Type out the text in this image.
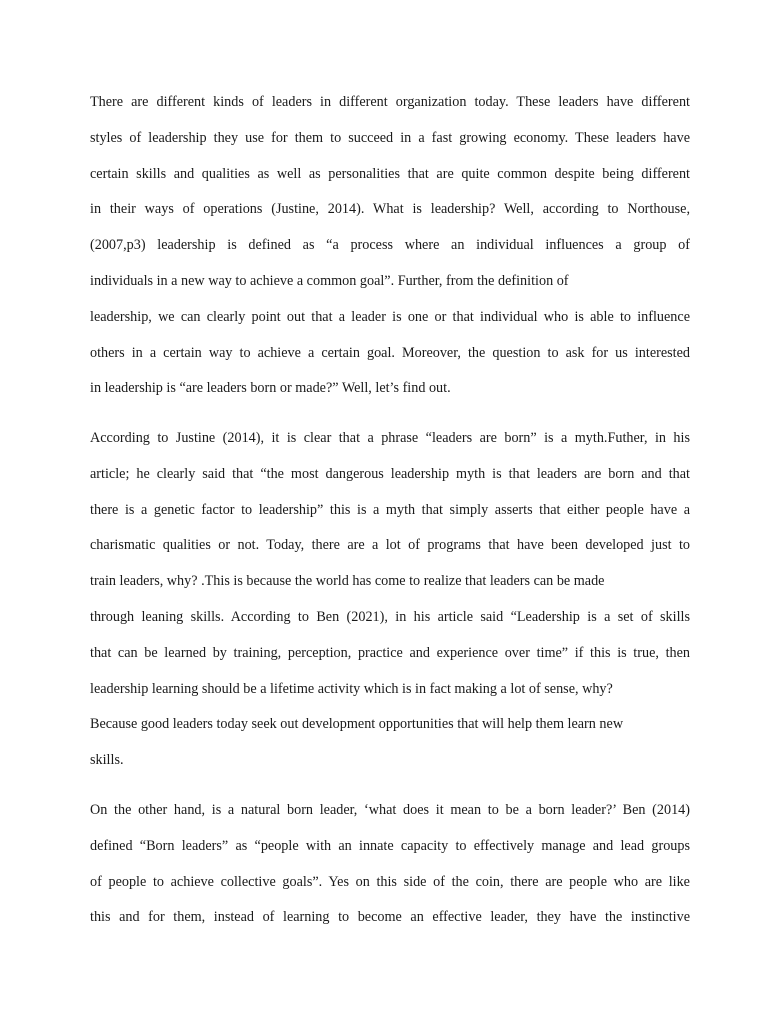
There are different kinds of leaders in different organization today. These leaders have different
styles of leadership they use for them to succeed in a fast growing economy. These leaders have
certain skills and qualities as well as personalities that are quite common despite being different
in their ways of operations (Justine, 2014). What is leadership? Well, according to Northouse,
(2007,p3) leadership is defined as “a process where an individual influences a group of
individuals in a new way to achieve a common goal”. Further, from the definition of
leadership, we can clearly point out that a leader is one or that individual who is able to influence
others in a certain way to achieve a certain goal. Moreover, the question to ask for us interested
in leadership is “are leaders born or made?” Well, let’s find out.
According to Justine (2014), it is clear that a phrase “leaders are born” is a myth.Futher, in his
article; he clearly said that “the most dangerous leadership myth is that leaders are born and that
there is a genetic factor to leadership” this is a myth that simply asserts that either people have a
charismatic qualities or not. Today, there are a lot of programs that have been developed just to
train leaders, why? .This is because the world has come to realize that leaders can be made
through leaning skills. According to Ben (2021), in his article said “Leadership is a set of skills
that can be learned by training, perception, practice and experience over time” if this is true, then
leadership learning should be a lifetime activity which is in fact making a lot of sense, why?
Because good leaders today seek out development opportunities that will help them learn new
skills.
On the other hand, is a natural born leader, ‘what does it mean to be a born leader?’ Ben (2014)
defined “Born leaders” as “people with an innate capacity to effectively manage and lead groups
of people to achieve collective goals”. Yes on this side of the coin, there are people who are like
this and for them, instead of learning to become an effective leader, they have the instinctive
